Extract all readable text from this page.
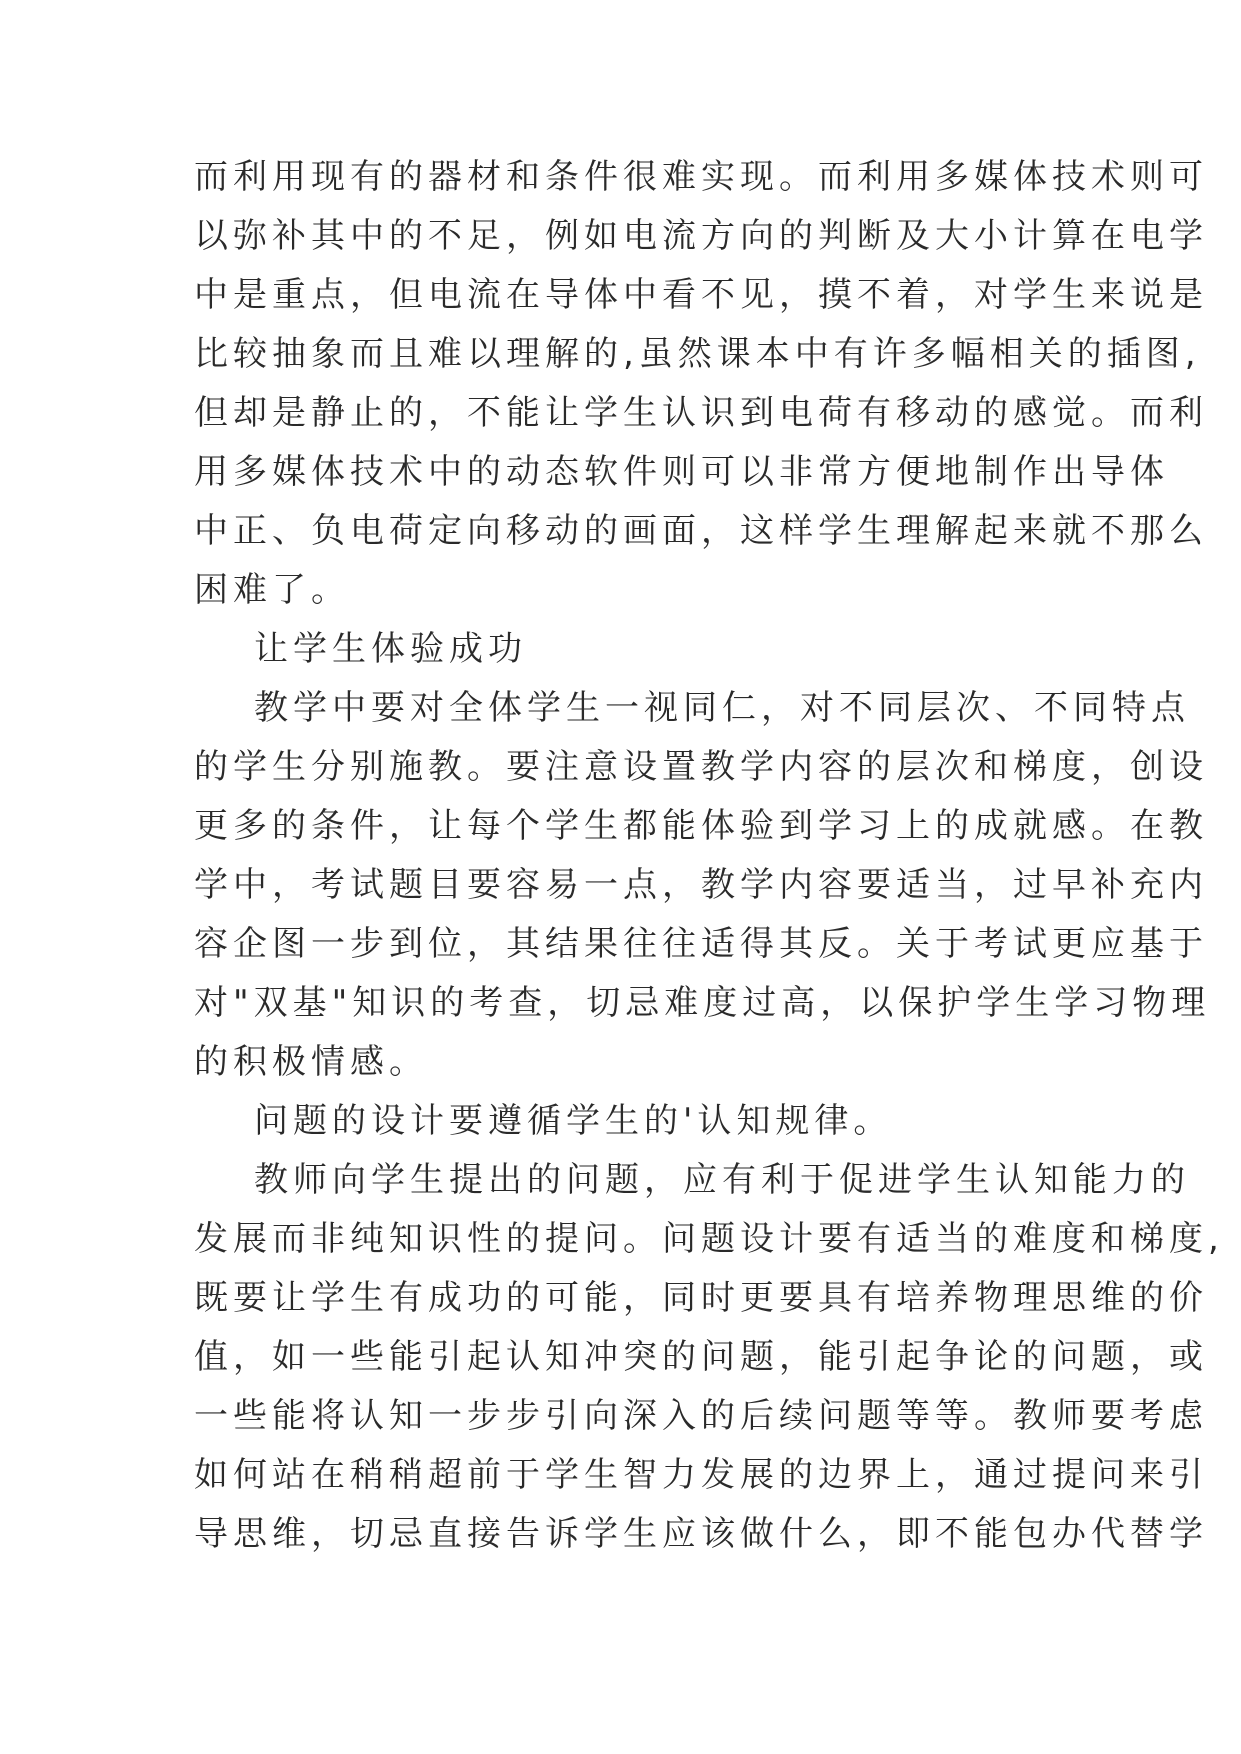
而利用现有的器材和条件很难实现。而利用多媒体技术则可
以弥补其中的不足，例如电流方向的判断及大小计算在电学
中是重点，但电流在导体中看不见，摸不着，对学生来说是
比较抽象而且难以理解的,虽然课本中有许多幅相关的插图,
但却是静止的，不能让学生认识到电荷有移动的感觉。而利
用多媒体技术中的动态软件则可以非常方便地制作出导体
中正、负电荷定向移动的画面，这样学生理解起来就不那么
困难了。
让学生体验成功
教学中要对全体学生一视同仁，对不同层次、不同特点
的学生分别施教。要注意设置教学内容的层次和梯度，创设
更多的条件，让每个学生都能体验到学习上的成就感。在教
学中，考试题目要容易一点，教学内容要适当，过早补充内
容企图一步到位，其结果往往适得其反。关于考试更应基于
对"双基"知识的考查，切忌难度过高，以保护学生学习物理
的积极情感。
问题的设计要遵循学生的'认知规律。
教师向学生提出的问题，应有利于促进学生认知能力的
发展而非纯知识性的提问。问题设计要有适当的难度和梯度,
既要让学生有成功的可能，同时更要具有培养物理思维的价
值，如一些能引起认知冲突的问题，能引起争论的问题，或
一些能将认知一步步引向深入的后续问题等等。教师要考虑
如何站在稍稍超前于学生智力发展的边界上，通过提问来引
导思维，切忌直接告诉学生应该做什么，即不能包办代替学
